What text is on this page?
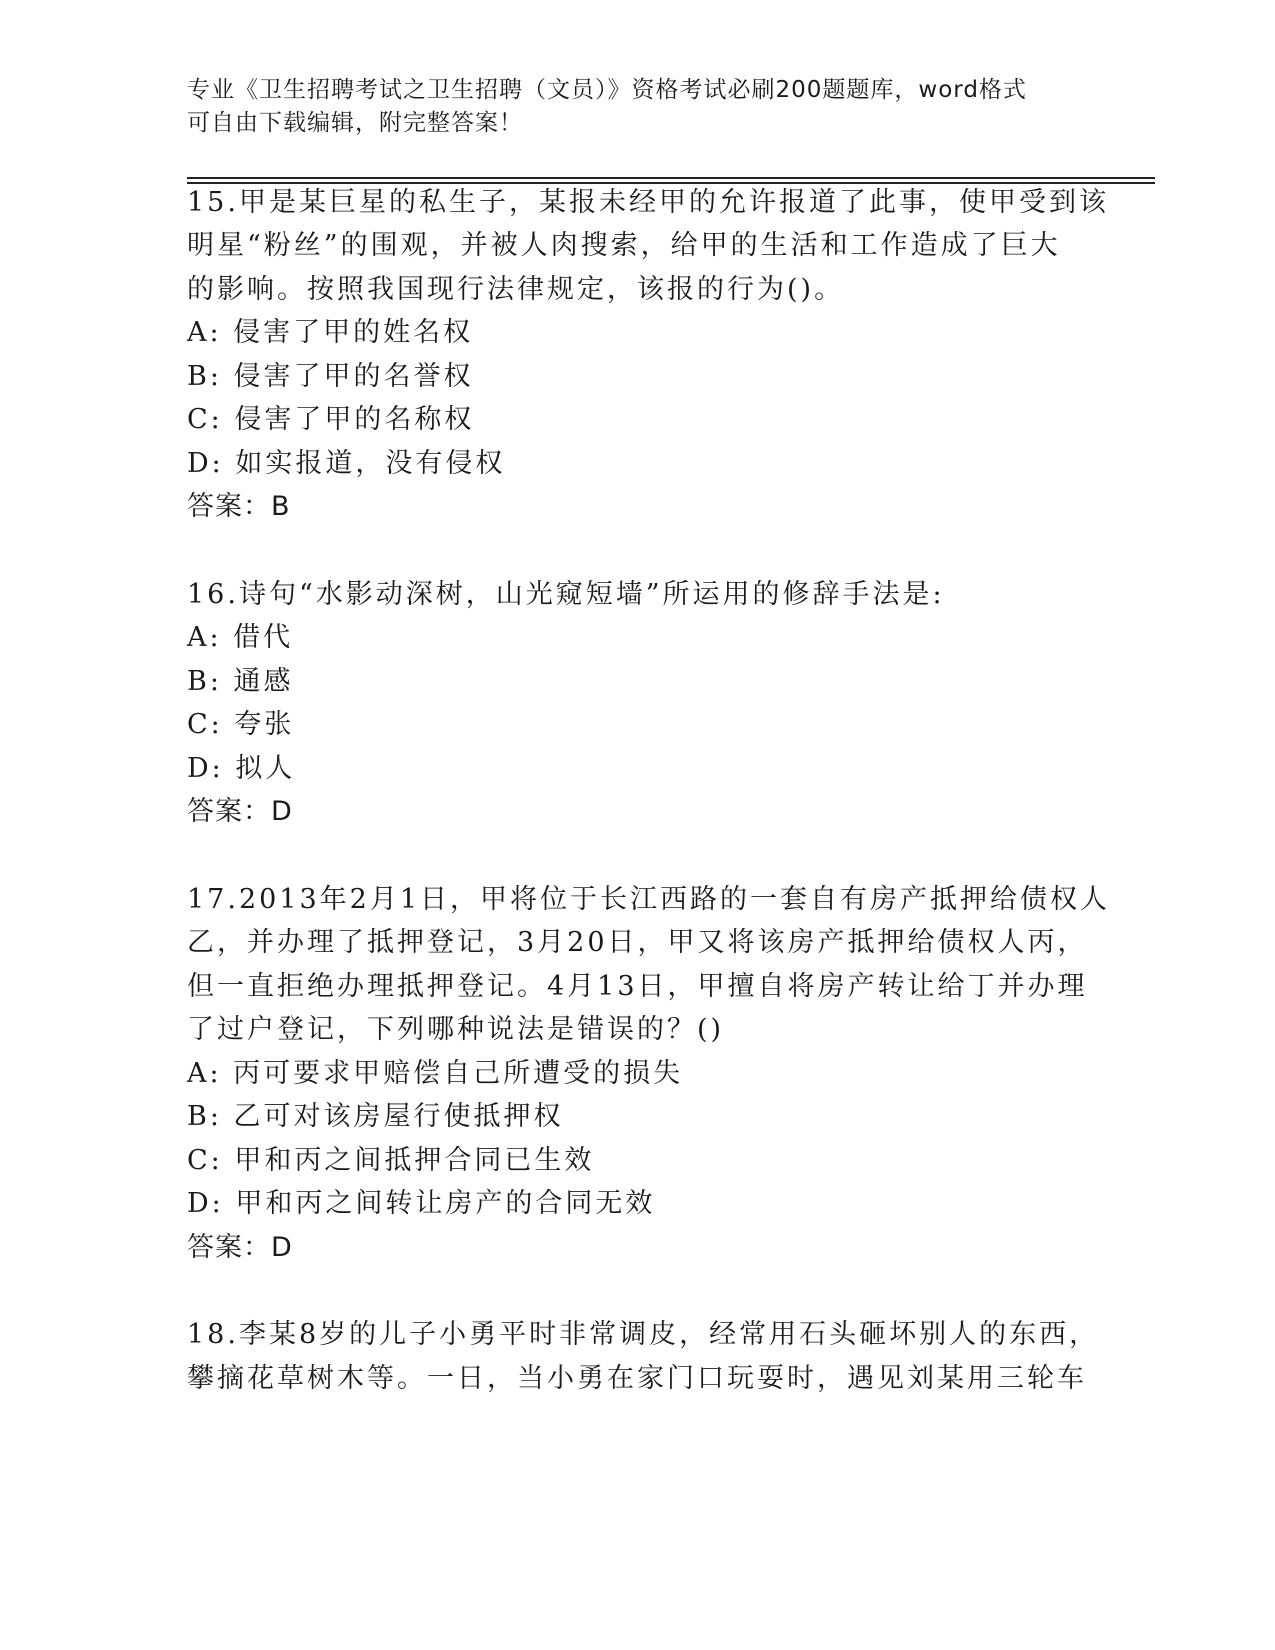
专业《卫生招聘考试之卫生招聘（文员）》资格考试必刷200题题库，word格式
可自由下载编辑，附完整答案！
15.甲是某巨星的私生子，某报未经甲的允许报道了此事，使甲受到该
明星“粉丝”的围观，并被人肉搜索，给甲的生活和工作造成了巨大
的影响。按照我国现行法律规定，该报的行为()。
A: 侵害了甲的姓名权
B: 侵害了甲的名誉权
C: 侵害了甲的名称权
D: 如实报道，没有侵权
答案：B
16.诗句“水影动深树，山光窥短墙”所运用的修辞手法是:
A: 借代
B: 通感
C: 夸张
D: 拟人
答案：D
17.2013年2月1日，甲将位于长江西路的一套自有房产抵押给债权人
乙，并办理了抵押登记，3月20日，甲又将该房产抵押给债权人丙，
但一直拒绝办理抵押登记。4月13日，甲擅自将房产转让给丁并办理
了过户登记，下列哪种说法是错误的？()
A: 丙可要求甲赔偿自己所遭受的损失
B: 乙可对该房屋行使抵押权
C: 甲和丙之间抵押合同已生效
D: 甲和丙之间转让房产的合同无效
答案：D
18.李某8岁的儿子小勇平时非常调皮，经常用石头砸坏别人的东西，
攀摘花草树木等。一日，当小勇在家门口玩耍时，遇见刘某用三轮车
